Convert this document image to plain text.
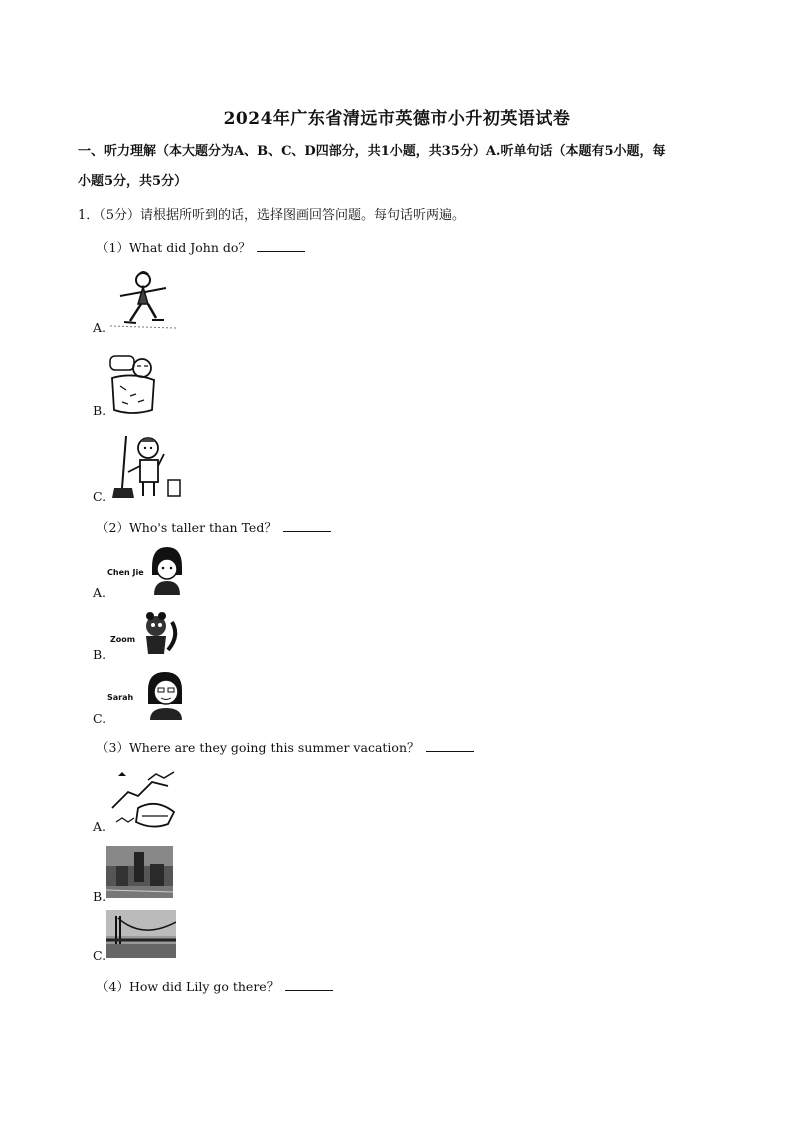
2024年广东省清远市英德市小升初英语试卷
一、听力理解（本大题分为A、B、C、D四部分，共1小题，共35分）A.听单句话（本题有5小题，每
小题5分，共5分）
1．（5分）请根据所听到的话，选择图画回答问题。每句话听两遍。
（1）What did John do？
A.
B.
C.
（2）Who's taller than Ted？
A.
Chen Jie
B.
Zoom
C.
Sarah
（3）Where are they going this summer vacation？
A.
B.
C.
（4）How did Lily go there？
